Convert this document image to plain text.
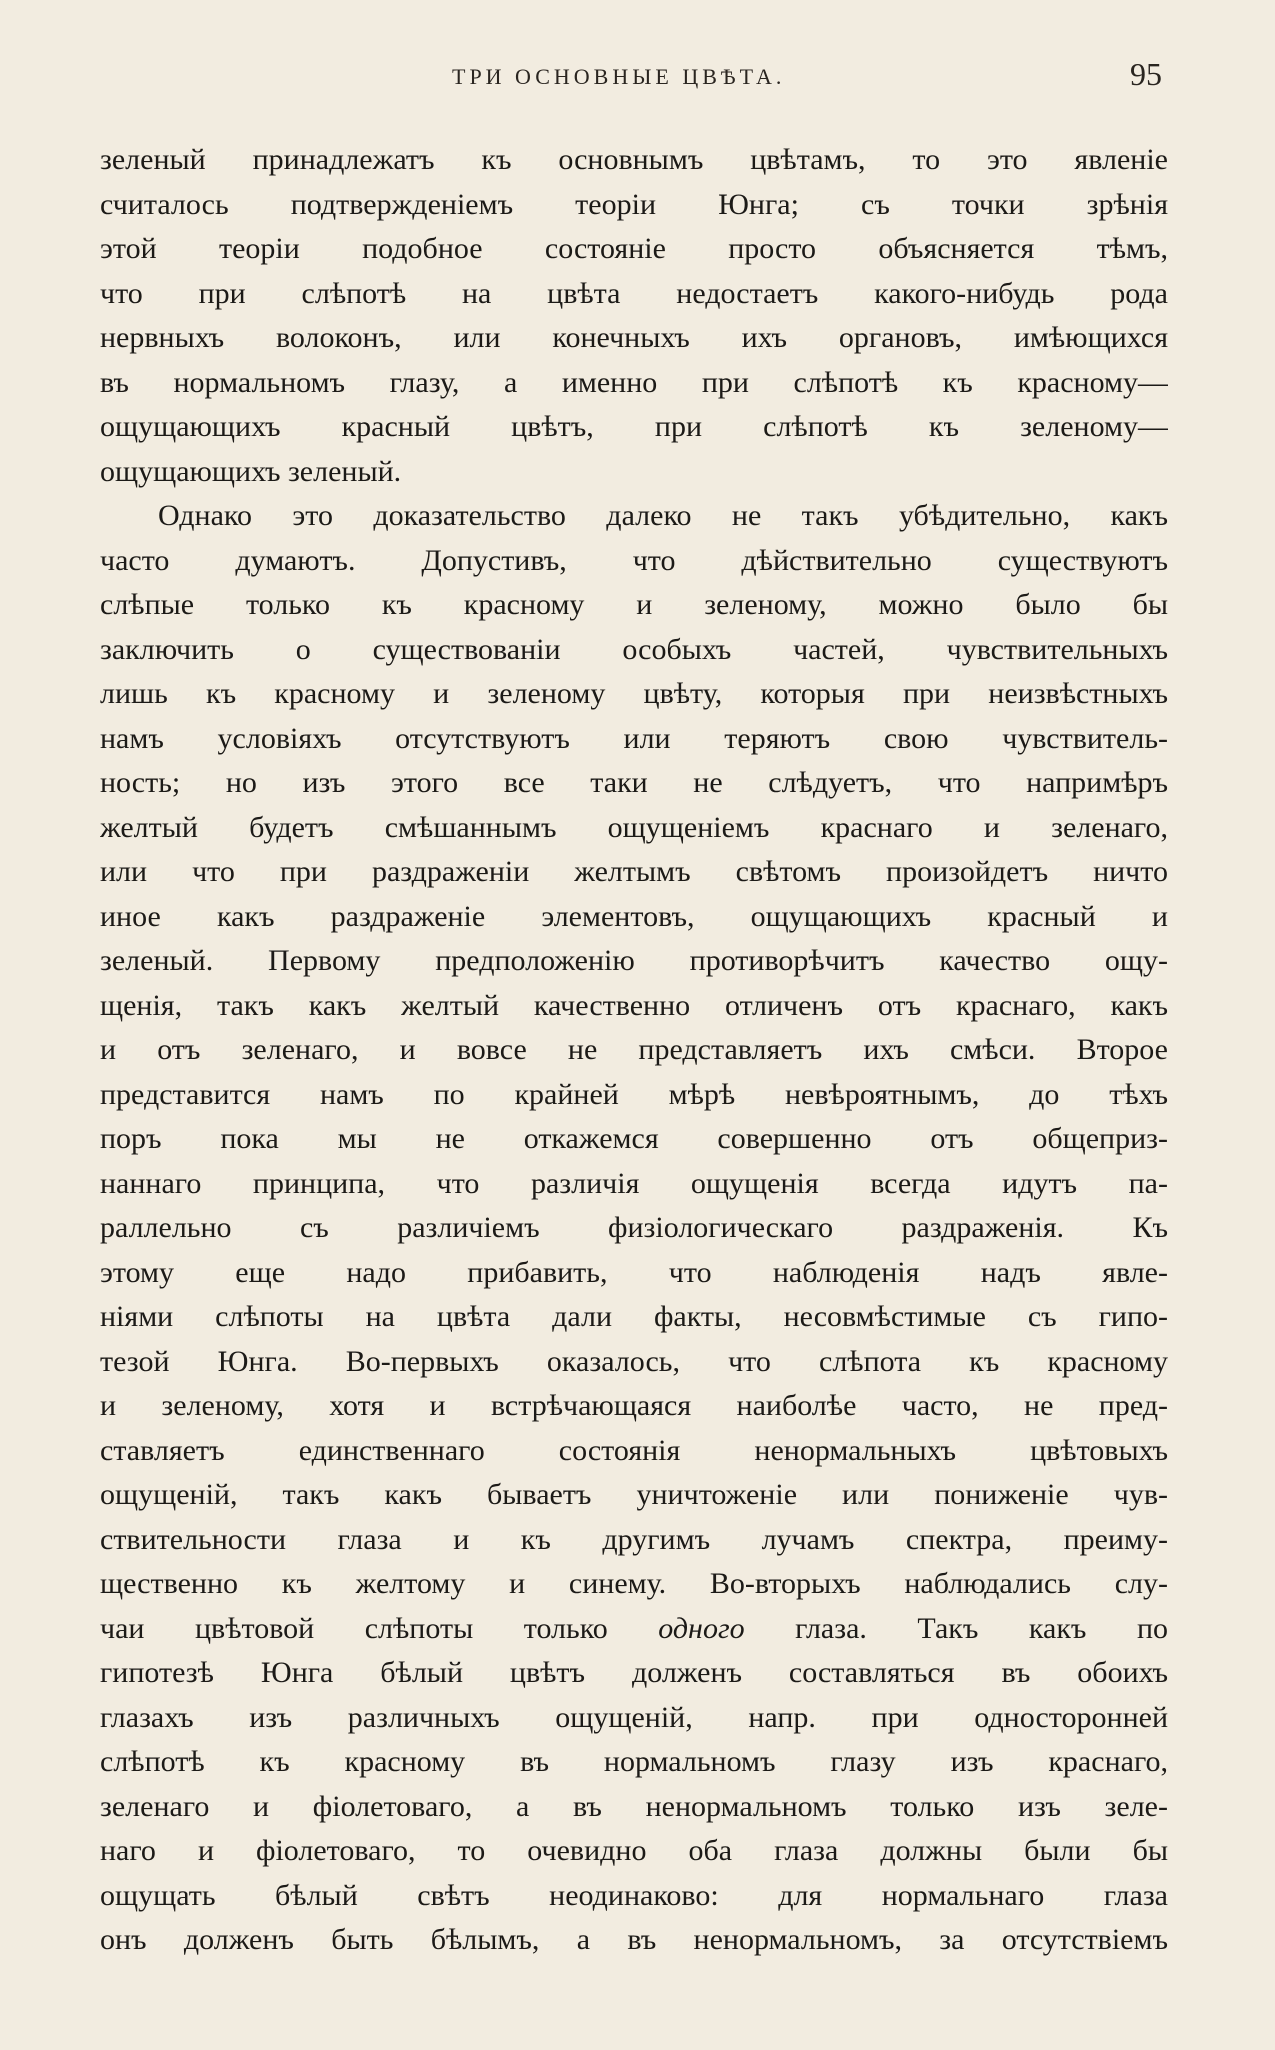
ТРИ ОСНОВНЫЕ ЦВѢТА.	95
зеленый принадлежатъ къ основнымъ цвѣтамъ, то это явленіе
считалось подтвержденіемъ теоріи Юнга; съ точки зрѣнія
этой теоріи подобное состояніе просто объясняется тѣмъ,
что при слѣпотѣ на цвѣта недостаетъ какого-нибудь рода
нервныхъ волоконъ, или конечныхъ ихъ органовъ, имѣющихся
въ нормальномъ глазу, а именно при слѣпотѣ къ красному—
ощущающихъ красный цвѣтъ, при слѣпотѣ къ зеленому—
ощущающихъ зеленый.
Однако это доказательство далеко не такъ убѣдительно, какъ
часто думаютъ. Допустивъ, что дѣйствительно существуютъ
слѣпые только къ красному и зеленому, можно было бы
заключить о существованіи особыхъ частей, чувствительныхъ
лишь къ красному и зеленому цвѣту, которыя при неизвѣстныхъ
намъ условіяхъ отсутствуютъ или теряютъ свою чувствитель-
ность; но изъ этого все таки не слѣдуетъ, что напримѣръ
желтый будетъ смѣшаннымъ ощущеніемъ краснаго и зеленаго,
или что при раздраженіи желтымъ свѣтомъ произойдетъ ничто
иное какъ раздраженіе элементовъ, ощущающихъ красный и
зеленый. Первому предположенію противорѣчитъ качество ощу-
щенія, такъ какъ желтый качественно отличенъ отъ краснаго, какъ
и отъ зеленаго, и вовсе не представляетъ ихъ смѣси. Второе
представится намъ по крайней мѣрѣ невѣроятнымъ, до тѣхъ
поръ пока мы не откажемся совершенно отъ общеприз-
наннаго принципа, что различія ощущенія всегда идутъ па-
раллельно съ различіемъ физіологическаго раздраженія. Къ
этому еще надо прибавить, что наблюденія надъ явле-
ніями слѣпоты на цвѣта дали факты, несовмѣстимые съ гипо-
тезой Юнга. Во-первыхъ оказалось, что слѣпота къ красному
и зеленому, хотя и встрѣчающаяся наиболѣе часто, не пред-
ставляетъ единственнаго состоянія ненормальныхъ цвѣтовыхъ
ощущеній, такъ какъ бываетъ уничтоженіе или пониженіе чув-
ствительности глаза и къ другимъ лучамъ спектра, преиму-
щественно къ желтому и синему. Во-вторыхъ наблюдались слу-
чаи цвѣтовой слѣпоты только одного глаза. Такъ какъ по
гипотезѣ Юнга бѣлый цвѣтъ долженъ составляться въ обоихъ
глазахъ изъ различныхъ ощущеній, напр. при односторонней
слѣпотѣ къ красному въ нормальномъ глазу изъ краснаго,
зеленаго и фіолетоваго, а въ ненормальномъ только изъ зеле-
наго и фіолетоваго, то очевидно оба глаза должны были бы
ощущать бѣлый свѣтъ неодинаково: для нормальнаго глаза
онъ долженъ быть бѣлымъ, а въ ненормальномъ, за отсутствіемъ
